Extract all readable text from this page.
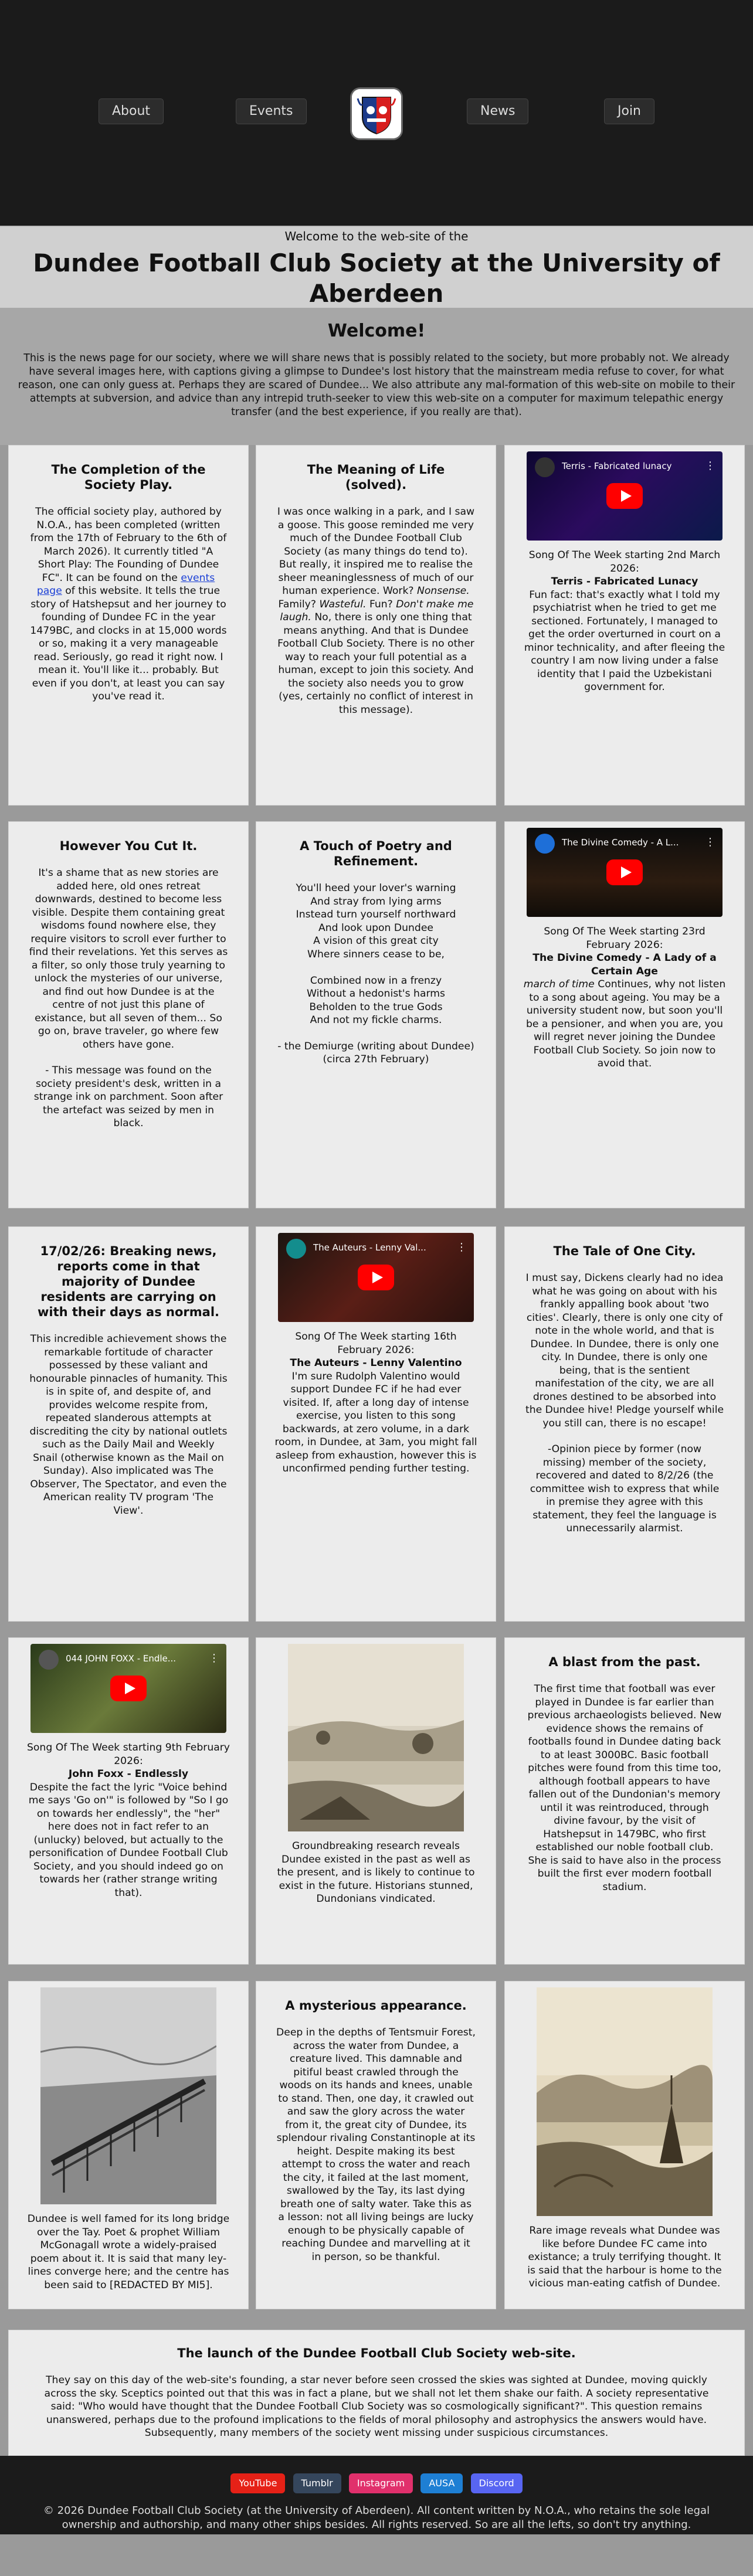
About	Events	News	Join
Welcome to the web-site of the
Dundee Football Club Society at the University of Aberdeen
Welcome!

This is the news page for our society, where we will share news that is possibly related to the society, but more probably not. We already have several images here, with captions giving a glimpse to Dundee's lost history that the mainstream media refuse to cover, for what reason, one can only guess at. Perhaps they are scared of Dundee... We also attribute any mal-formation of this web-site on mobile to their attempts at subversion, and advice than any intrepid truth-seeker to view this web-site on a computer for maximum telepathic energy transfer (and the best experience, if you really are that).

The Completion of the Society Play.

The official society play, authored by N.O.A., has been completed (written from the 17th of February to the 6th of March 2026). It currently titled "A Short Play: The Founding of Dundee FC". It can be found on the events page of this website. It tells the true story of Hatshepsut and her journey to founding of Dundee FC in the year 1479BC, and clocks in at 15,000 words or so, making it a very manageable read. Seriously, go read it right now. I mean it. You'll like it... probably. But even if you don't, at least you can say you've read it.

The Meaning of Life (solved).

I was once walking in a park, and I saw a goose. This goose reminded me very much of the Dundee Football Club Society (as many things do tend to). But really, it inspired me to realise the sheer meaninglessness of much of our human experience. Work? Nonsense. Family? Wasteful. Fun? Don't make me laugh. No, there is only one thing that means anything. And that is Dundee Football Club Society. There is no other way to reach your full potential as a human, except to join this society. And the society also needs you to grow (yes, certainly no conflict of interest in this message).

Terris - Fabricated lunacy	⋮

Song Of The Week starting 2nd March 2026:

Terris - Fabricated Lunacy

Fun fact: that's exactly what I told my psychiatrist when he tried to get me sectioned. Fortunately, I managed to get the order overturned in court on a minor technicality, and after fleeing the country I am now living under a false identity that I paid the Uzbekistani government for.

However You Cut It.

It's a shame that as new stories are added here, old ones retreat downwards, destined to become less visible. Despite them containing great wisdoms found nowhere else, they require visitors to scroll ever further to find their revelations. Yet this serves as a filter, so only those truly yearning to unlock the mysteries of our universe, and find out how Dundee is at the centre of not just this plane of existance, but all seven of them... So go on, brave traveler, go where few others have gone.

- This message was found on the society president's desk, written in a strange ink on parchment. Soon after the artefact was seized by men in black.

A Touch of Poetry and Refinement.

You'll heed your lover's warning

And stray from lying arms

Instead turn yourself northward

And look upon Dundee

A vision of this great city

Where sinners cease to be,

Combined now in a frenzy

Without a hedonist's harms

Beholden to the true Gods

And not my fickle charms.

- the Demiurge (writing about Dundee) (circa 27th February)

The Divine Comedy - A L...	⋮

Song Of The Week starting 23rd February 2026:

The Divine Comedy - A Lady of a Certain Age

march of time Continues, why not listen to a song about ageing. You may be a university student now, but soon you'll be a pensioner, and when you are, you will regret never joining the Dundee Football Club Society. So join now to avoid that.

17/02/26: Breaking news, reports come in that majority of Dundee residents are carrying on with their days as normal.

This incredible achievement shows the remarkable fortitude of character possessed by these valiant and honourable pinnacles of humanity. This is in spite of, and despite of, and provides welcome respite from, repeated slanderous attempts at discrediting the city by national outlets such as the Daily Mail and Weekly Snail (otherwise known as the Mail on Sunday). Also implicated was The Observer, The Spectator, and even the American reality TV program 'The View'.

The Auteurs - Lenny Val...	⋮

Song Of The Week starting 16th February 2026:

The Auteurs - Lenny Valentino

I'm sure Rudolph Valentino would support Dundee FC if he had ever visited. If, after a long day of intense exercise, you listen to this song backwards, at zero volume, in a dark room, in Dundee, at 3am, you might fall asleep from exhaustion, however this is unconfirmed pending further testing.

The Tale of One City.

I must say, Dickens clearly had no idea what he was going on about with his frankly appalling book about 'two cities'. Clearly, there is only one city of note in the whole world, and that is Dundee. In Dundee, there is only one city. In Dundee, there is only one being, that is the sentient manifestation of the city, we are all drones destined to be absorbed into the Dundee hive! Pledge yourself while you still can, there is no escape!

-Opinion piece by former (now missing) member of the society, recovered and dated to 8/2/26 (the committee wish to express that while in premise they agree with this statement, they feel the language is unnecessarily alarmist.

044 JOHN FOXX - Endle...	⋮

Song Of The Week starting 9th February 2026:

John Foxx - Endlessly

Despite the fact the lyric "Voice behind me says 'Go on'" is followed by "So I go on towards her endlessly", the "her" here does not in fact refer to an (unlucky) beloved, but actually to the personification of Dundee Football Club Society, and you should indeed go on towards her (rather strange writing that).

Groundbreaking research reveals Dundee existed in the past as well as the present, and is likely to continue to exist in the future. Historians stunned, Dundonians vindicated.

A blast from the past.

The first time that football was ever played in Dundee is far earlier than previous archaeologists believed. New evidence shows the remains of footballs found in Dundee dating back to at least 3000BC. Basic football pitches were found from this time too, although football appears to have fallen out of the Dundonian's memory until it was reintroduced, through divine favour, by the visit of Hatshepsut in 1479BC, who first established our noble football club. She is said to have also in the process built the first ever modern football stadium.

Dundee is well famed for its long bridge over the Tay. Poet & prophet William McGonagall wrote a widely-praised poem about it. It is said that many ley-lines converge here; and the centre has been said to [REDACTED BY MI5].

A mysterious appearance.

Deep in the depths of Tentsmuir Forest, across the water from Dundee, a creature lived. This damnable and pitiful beast crawled through the woods on its hands and knees, unable to stand. Then, one day, it crawled out and saw the glory across the water from it, the great city of Dundee, its splendour rivaling Constantinople at its height. Despite making its best attempt to cross the water and reach the city, it failed at the last moment, swallowed by the Tay, its last dying breath one of salty water. Take this as a lesson: not all living beings are lucky enough to be physically capable of reaching Dundee and marvelling at it in person, so be thankful.

Rare image reveals what Dundee was like before Dundee FC came into existance; a truly terrifying thought. It is said that the harbour is home to the vicious man-eating catfish of Dundee.

The launch of the Dundee Football Club Society web-site.

They say on this day of the web-site's founding, a star never before seen crossed the skies was sighted at Dundee, moving quickly across the sky. Sceptics pointed out that this was in fact a plane, but we shall not let them shake our faith. A society representative said: "Who would have thought that the Dundee Football Club Society was so cosmologically significant?". This question remains unanswered, perhaps due to the profound implications to the fields of moral philosophy and astrophysics the answers would have. Subsequently, many members of the society went missing under suspicious circumstances.

YouTube	Tumblr	Instagram	AUSA	Discord

© 2026 Dundee Football Club Society (at the University of Aberdeen). All content written by N.O.A., who retains the sole legal ownership and authorship, and many other ships besides. All rights reserved. So are all the lefts, so don't try anything.
